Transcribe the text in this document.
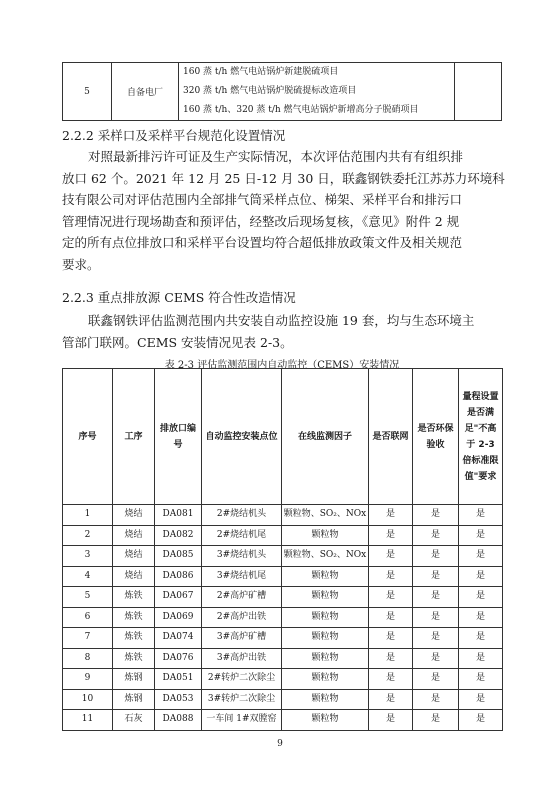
5	自备电厂	
160 蒸 t/h 燃气电站锅炉新建脱硫项目
320 蒸 t/h 燃气电站锅炉脱硫提标改造项目
160 蒸 t/h、320 蒸 t/h 燃气电站锅炉新增高分子脱硝项目

2.2.2 采样口及采样平台规范化设置情况
对照最新排污许可证及生产实际情况，本次评估范围内共有有组织排
放口 62 个。2021 年 12 月 25 日-12 月 30 日，联鑫钢铁委托江苏苏力环境科
技有限公司对评估范围内全部排气筒采样点位、梯架、采样平台和排污口
管理情况进行现场勘查和预评估，经整改后现场复核，《意见》附件 2 规
定的所有点位排放口和采样平台设置均符合超低排放政策文件及相关规范
要求。
2.2.3 重点排放源 CEMS 符合性改造情况
联鑫钢铁评估监测范围内共安装自动监控设施 19 套，均与生态环境主
管部门联网。CEMS 安装情况见表 2-3。
表 2-3 评估监测范围内自动监控（CEMS）安装情况
序号	工序	排放口编号	自动监控安装点位	在线监测因子	是否联网	是否环保验收	量程设置是否满足"不高于 2-3 倍标准限值"要求
1	烧结	DA081	2#烧结机头	颗粒物、SO₂、NOx	是	是	是
2	烧结	DA082	2#烧结机尾	颗粒物	是	是	是
3	烧结	DA085	3#烧结机头	颗粒物、SO₂、NOx	是	是	是
4	烧结	DA086	3#烧结机尾	颗粒物	是	是	是
5	炼铁	DA067	2#高炉矿槽	颗粒物	是	是	是
6	炼铁	DA069	2#高炉出铁	颗粒物	是	是	是
7	炼铁	DA074	3#高炉矿槽	颗粒物	是	是	是
8	炼铁	DA076	3#高炉出铁	颗粒物	是	是	是
9	炼钢	DA051	2#转炉二次除尘	颗粒物	是	是	是
10	炼钢	DA053	3#转炉二次除尘	颗粒物	是	是	是
11	石灰	DA088	一车间 1#双膛窑	颗粒物	是	是	是
9
